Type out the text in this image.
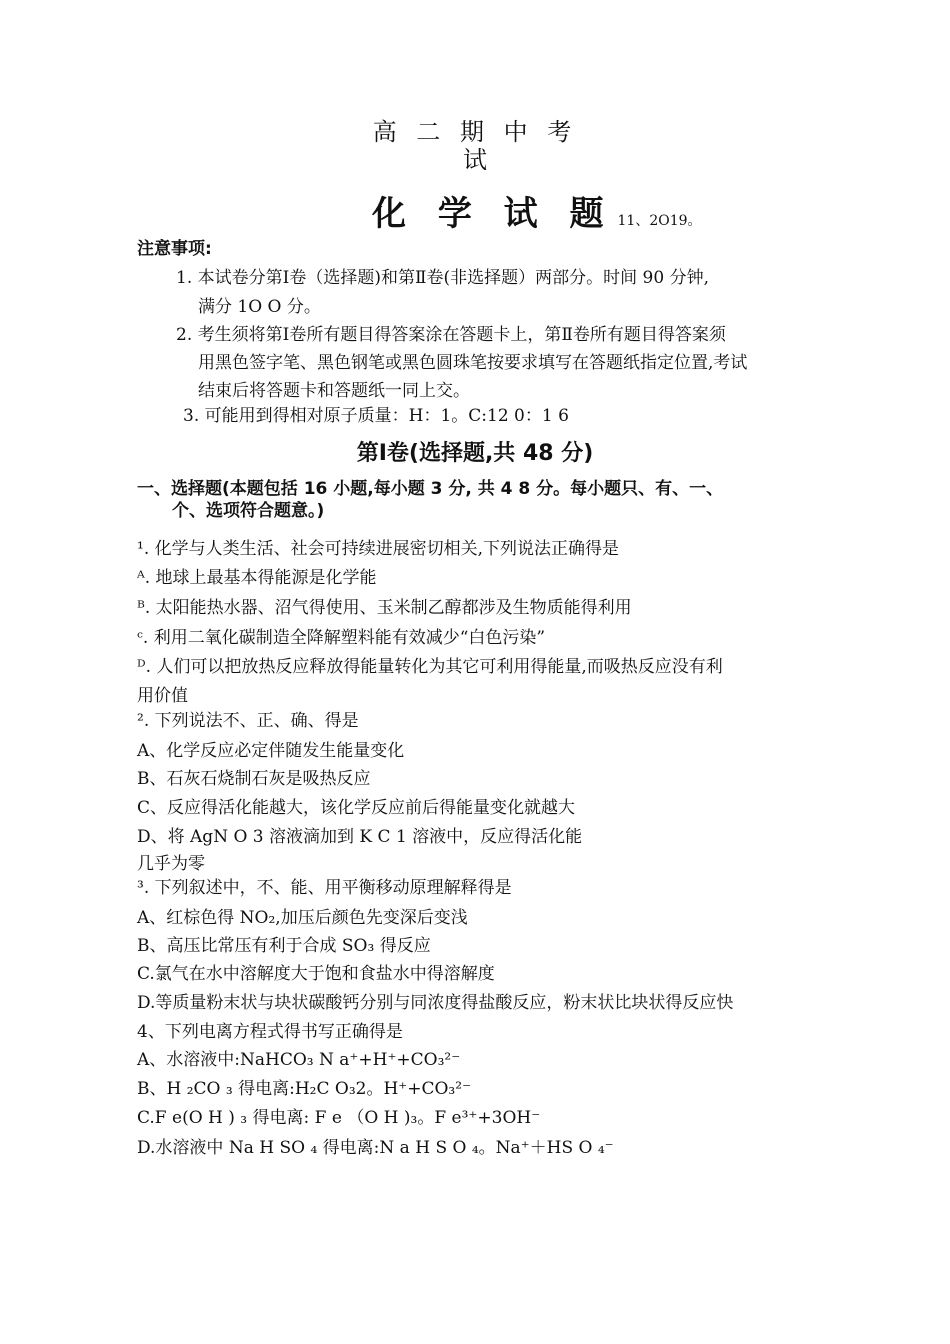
高 二 期 中 考
试
化 学 试 题 11、2O19。
注意事项:
1. 本试卷分第Ⅰ卷（选择题)和第Ⅱ卷(非选择题）两部分。时间 90 分钟,
满分 1O O 分。
2. 考生须将第Ⅰ卷所有题目得答案涂在答题卡上，第Ⅱ卷所有题目得答案须
用黑色签字笔、黑色钢笔或黑色圆珠笔按要求填写在答题纸指定位置,考试
结束后将答题卡和答题纸一同上交。
3. 可能用到得相对原子质量：H：1。C:12 0：1 6
第Ⅰ卷(选择题,共 48 分)
一、选择题(本题包括 16 小题,每小题 3 分, 共 4 8 分。每小题只、有、一、
个、选项符合题意。)
¹. 化学与人类生活、社会可持续进展密切相关,下列说法正确得是
ᴬ. 地球上最基本得能源是化学能
ᴮ. 太阳能热水器、沼气得使用、玉米制乙醇都涉及生物质能得利用
ᶜ. 利用二氧化碳制造全降解塑料能有效减少“白色污染”
ᴰ. 人们可以把放热反应释放得能量转化为其它可利用得能量,而吸热反应没有利
用价值
². 下列说法不、正、确、得是
A、化学反应必定伴随发生能量变化
B、石灰石烧制石灰是吸热反应
C、反应得活化能越大，该化学反应前后得能量变化就越大
D、将 AgN O 3 溶液滴加到 K C 1 溶液中，反应得活化能
几乎为零
³. 下列叙述中，不、能、用平衡移动原理解释得是
A、红棕色得 NO₂,加压后颜色先变深后变浅
B、高压比常压有利于合成 SO₃ 得反应
C.氯气在水中溶解度大于饱和食盐水中得溶解度
D.等质量粉末状与块状碳酸钙分别与同浓度得盐酸反应，粉末状比块状得反应快
4、下列电离方程式得书写正确得是
A、水溶液中:NaHCO₃ N a⁺+H⁺+CO₃²⁻
B、H ₂CO ₃ 得电离:H₂C O₃2。H⁺+CO₃²⁻
C.F e(O H ) ₃ 得电离: F e （O H )₃。F e³⁺+3OH⁻
D.水溶液中 Na H SO ₄ 得电离:N a H S O ₄。Na⁺＋HS O ₄⁻
